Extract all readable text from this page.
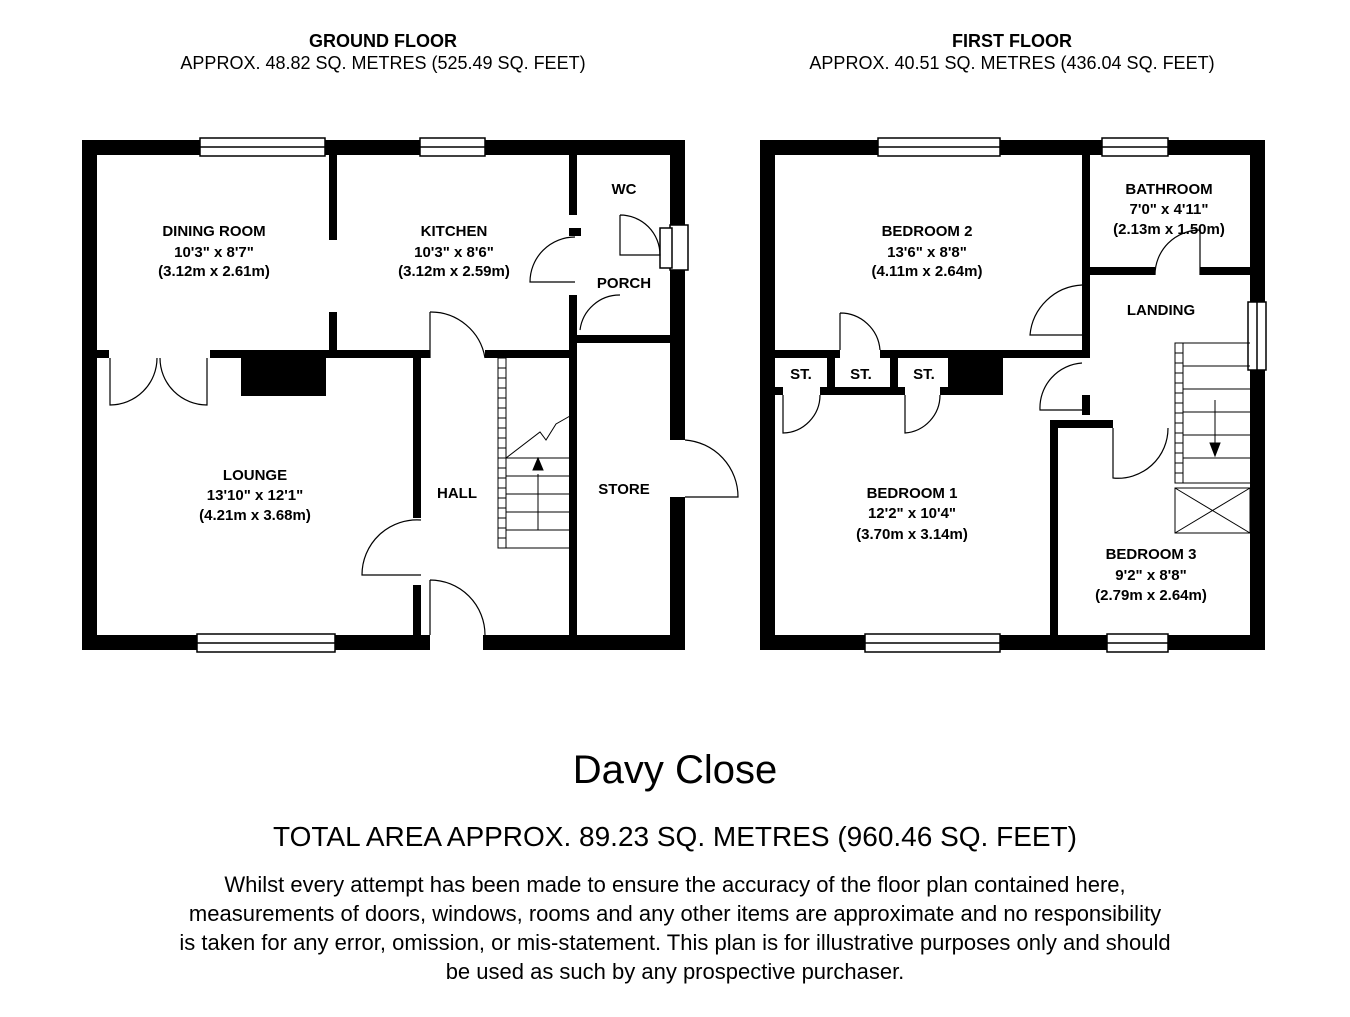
GROUND FLOOR
APPROX. 48.82 SQ. METRES (525.49 SQ. FEET)
FIRST FLOOR
APPROX. 40.51 SQ. METRES (436.04 SQ. FEET)
DINING ROOM
10'3" x 8'7"
(3.12m x 2.61m)
KITCHEN
10'3" x 8'6"
(3.12m x 2.59m)
WC
PORCH
LOUNGE
13'10" x 12'1"
(4.21m x 3.68m)
HALL	STORE
BEDROOM 2
13'6" x 8'8"
(4.11m x 2.64m)
BATHROOM
7'0" x 4'11"
(2.13m x 1.50m)
LANDING
ST.	ST.	ST.
BEDROOM 1
12'2" x 10'4"
(3.70m x 3.14m)
BEDROOM 3
9'2" x 8'8"
(2.79m x 2.64m)
Davy Close
TOTAL AREA APPROX. 89.23 SQ. METRES (960.46 SQ. FEET)
Whilst every attempt has been made to ensure the accuracy of the floor plan contained here,
measurements of doors, windows, rooms and any other items are approximate and no responsibility
is taken for any error, omission, or mis-statement. This plan is for illustrative purposes only and should
be used as such by any prospective purchaser.
